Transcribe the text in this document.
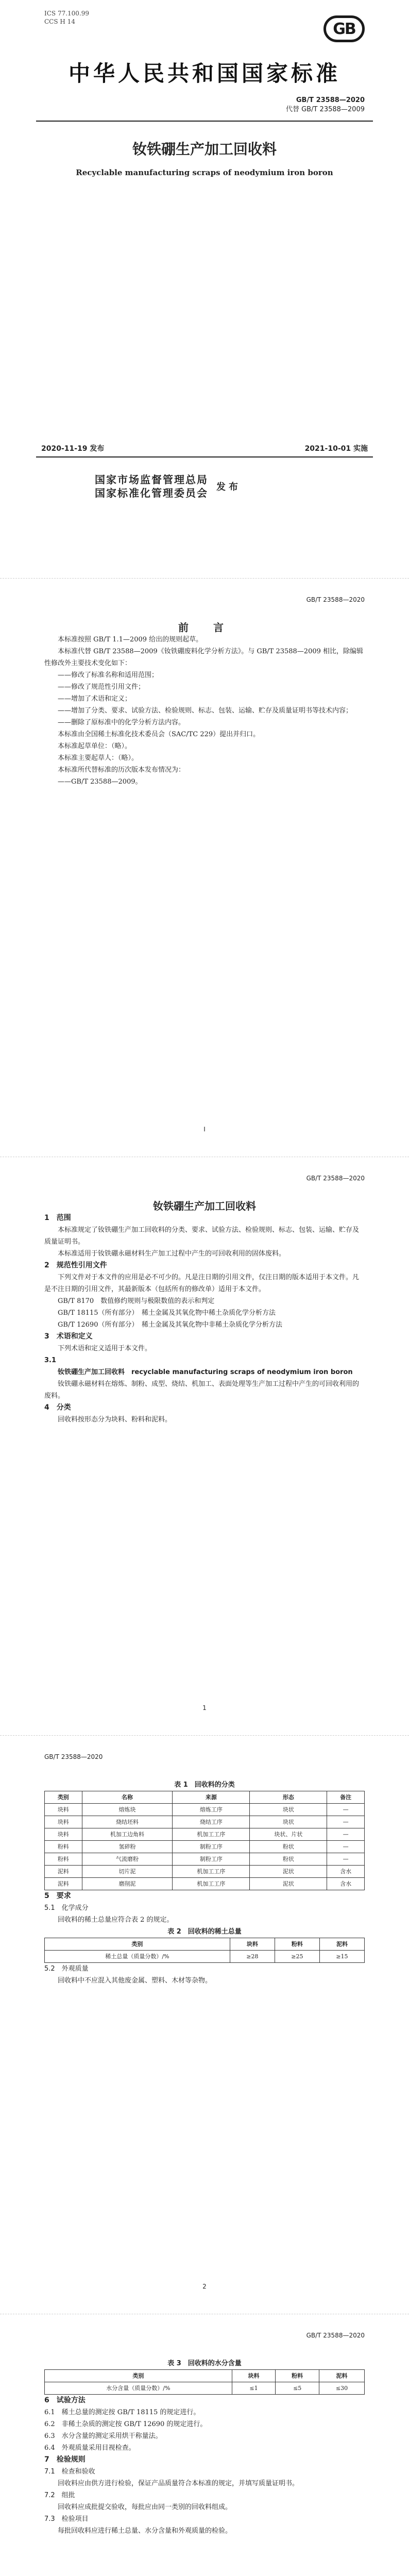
ICS 77.100.99
CCS H 14	GB
中华人民共和国国家标准
GB/T 23588—2020
代替 GB/T 23588—2009
钕铁硼生产加工回收料
Recyclable manufacturing scraps of neodymium iron boron
2020-11-19 发布	2021-10-01 实施
国家市场监督管理总局
国家标准化管理委员会 发布
GB/T 23588—2020

前　言

本标准按照 GB/T 1.1—2009 给出的规则起草。

本标准代替 GB/T 23588—2009《钕铁硼废料化学分析方法》。与 GB/T 23588—2009 相比，除编辑性修改外主要技术变化如下：

——修改了标准名称和适用范围；

——修改了规范性引用文件；

——增加了术语和定义；

——增加了分类、要求、试验方法、检验规则、标志、包装、运输、贮存及质量证明书等技术内容；

——删除了原标准中的化学分析方法内容。

本标准由全国稀土标准化技术委员会（SAC/TC 229）提出并归口。

本标准起草单位：（略）。

本标准主要起草人：（略）。

本标准所代替标准的历次版本发布情况为：

——GB/T 23588—2009。

I
GB/T 23588—2020

钕铁硼生产加工回收料

1　范围

本标准规定了钕铁硼生产加工回收料的分类、要求、试验方法、检验规则、标志、包装、运输、贮存及质量证明书。

本标准适用于钕铁硼永磁材料生产加工过程中产生的可回收利用的固体废料。

2　规范性引用文件

下列文件对于本文件的应用是必不可少的。凡是注日期的引用文件，仅注日期的版本适用于本文件。凡是不注日期的引用文件，其最新版本（包括所有的修改单）适用于本文件。

GB/T 8170　数值修约规则与极限数值的表示和判定

GB/T 18115（所有部分）　稀土金属及其氧化物中稀土杂质化学分析方法

GB/T 12690（所有部分）　稀土金属及其氧化物中非稀土杂质化学分析方法

3　术语和定义

下列术语和定义适用于本文件。

3.1

钕铁硼生产加工回收料　recyclable manufacturing scraps of neodymium iron boron

钕铁硼永磁材料在熔炼、制粉、成型、烧结、机加工、表面处理等生产加工过程中产生的可回收利用的废料。

4　分类

回收料按形态分为块料、粉料和泥料。

1
GB/T 23588—2020

表 1　回收料的分类

类别	名称	来源	形态	备注
块料	熔炼块	熔炼工序	块状	—
块料	烧结坯料	烧结工序	块状	—
块料	机加工边角料	机加工工序	块状、片状	—
粉料	氢碎粉	制粉工序	粉状	—
粉料	气流磨粉	制粉工序	粉状	—
泥料	切片泥	机加工工序	泥状	含水
泥料	磨削泥	机加工工序	泥状	含水

5　要求

5.1　化学成分

回收料的稀土总量应符合表 2 的规定。

表 2　回收料的稀土总量

类别	块料	粉料	泥料
稀土总量（质量分数）/%	≥28	≥25	≥15

5.2　外观质量

回收料中不应混入其他废金属、塑料、木材等杂物。

2
GB/T 23588—2020

表 3　回收料的水分含量

类别	块料	粉料	泥料
水分含量（质量分数）/%	≤1	≤5	≤30

6　试验方法

6.1　稀土总量的测定按 GB/T 18115 的规定进行。

6.2　非稀土杂质的测定按 GB/T 12690 的规定进行。

6.3　水分含量的测定采用烘干称量法。

6.4　外观质量采用目视检查。

7　检验规则

7.1　检查和验收

回收料应由供方进行检验，保证产品质量符合本标准的规定，并填写质量证明书。

7.2　组批

回收料应成批提交验收，每批应由同一类别的回收料组成。

7.3　检验项目

每批回收料应进行稀土总量、水分含量和外观质量的检验。
